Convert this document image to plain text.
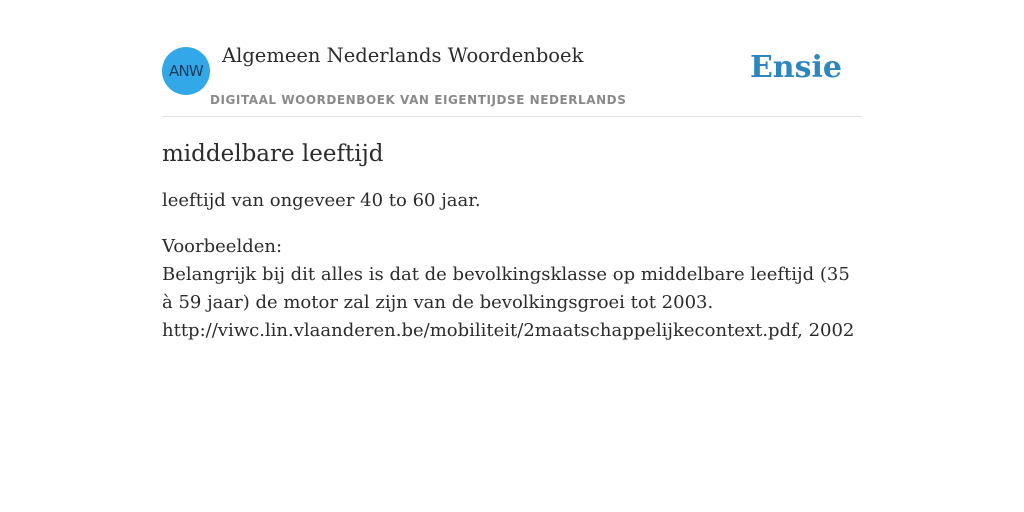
ANW
Algemeen Nederlands Woordenboek
DIGITAAL WOORDENBOEK VAN EIGENTIJDSE NEDERLANDS
Ensie
middelbare leeftijd

leeftijd van ongeveer 40 to 60 jaar.

Voorbeelden:
Belangrijk bij dit alles is dat de bevolkingsklasse op middelbare leeftijd (35 à 59 jaar) de motor zal zijn van de bevolkingsgroei tot 2003.
http://viwc.lin.vlaanderen.be/mobiliteit/2maatschappelijkecontext.pdf, 2002
